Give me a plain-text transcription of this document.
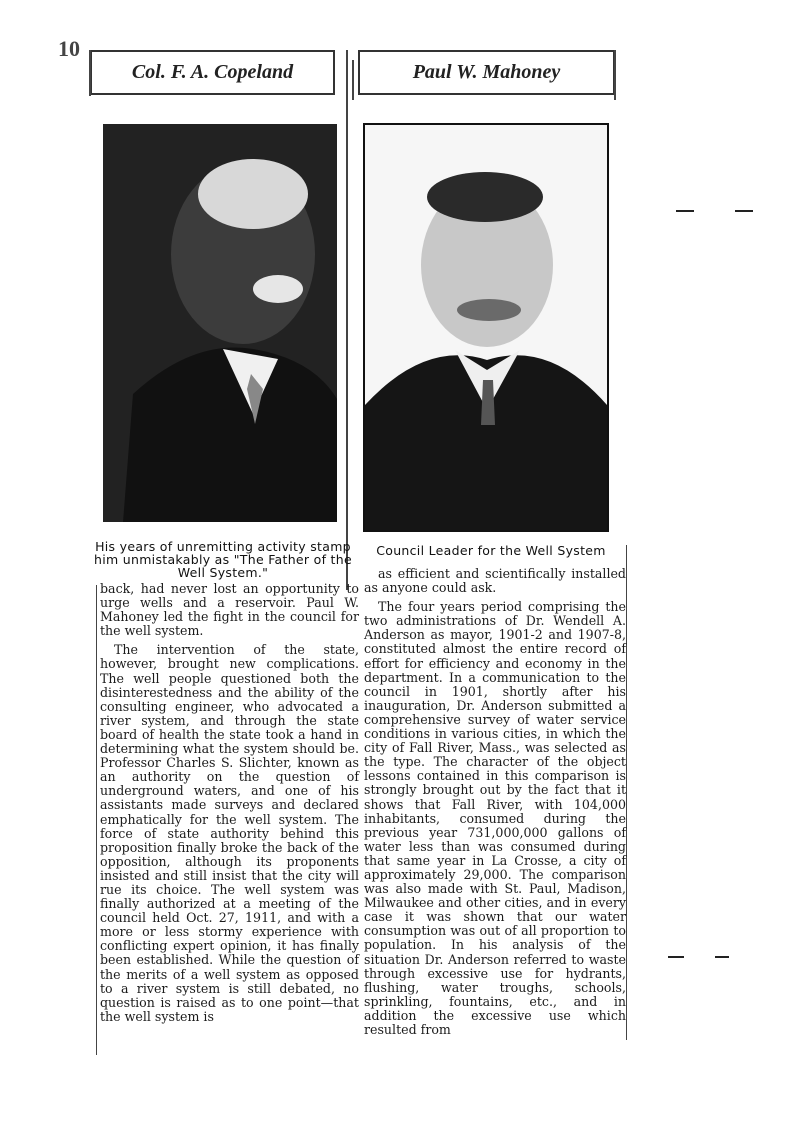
10
Col. F. A. Copeland	Paul W. Mahoney
His years of unremitting activity stamp him unmistakably as "The Father of the Well System."
Council Leader for the Well System

back, had never lost an opportunity to urge wells and a reservoir. Paul W. Mahoney led the fight in the council for the well system.

The intervention of the state, however, brought new complications. The well people questioned both the disinterestedness and the ability of the consulting engineer, who advocated a river system, and through the state board of health the state took a hand in determining what the system should be. Professor Charles S. Slichter, known as an authority on the question of underground waters, and one of his assistants made surveys and declared emphatically for the well system. The force of state authority behind this proposition finally broke the back of the opposition, although its proponents insisted and still insist that the city will rue its choice. The well system was finally authorized at a meeting of the council held Oct. 27, 1911, and with a more or less stormy experience with conflicting expert opinion, it has finally been established. While the question of the merits of a well system as opposed to a river system is still debated, no question is raised as to one point—that the well system is

as efficient and scientifically installed as anyone could ask.

The four years period comprising the two administrations of Dr. Wendell A. Anderson as mayor, 1901-2 and 1907-8, constituted almost the entire record of effort for efficiency and economy in the department. In a communication to the council in 1901, shortly after his inauguration, Dr. Anderson submitted a comprehensive survey of water service conditions in various cities, in which the city of Fall River, Mass., was selected as the type. The character of the object lessons contained in this comparison is strongly brought out by the fact that it shows that Fall River, with 104,000 inhabitants, consumed during the previous year 731,000,000 gallons of water less than was consumed during that same year in La Crosse, a city of approximately 29,000. The comparison was also made with St. Paul, Madison, Milwaukee and other cities, and in every case it was shown that our water consumption was out of all proportion to population. In his analysis of the situation Dr. Anderson referred to waste through excessive use for hydrants, flushing, water troughs, schools, sprinkling, fountains, etc., and in addition the excessive use which resulted from
